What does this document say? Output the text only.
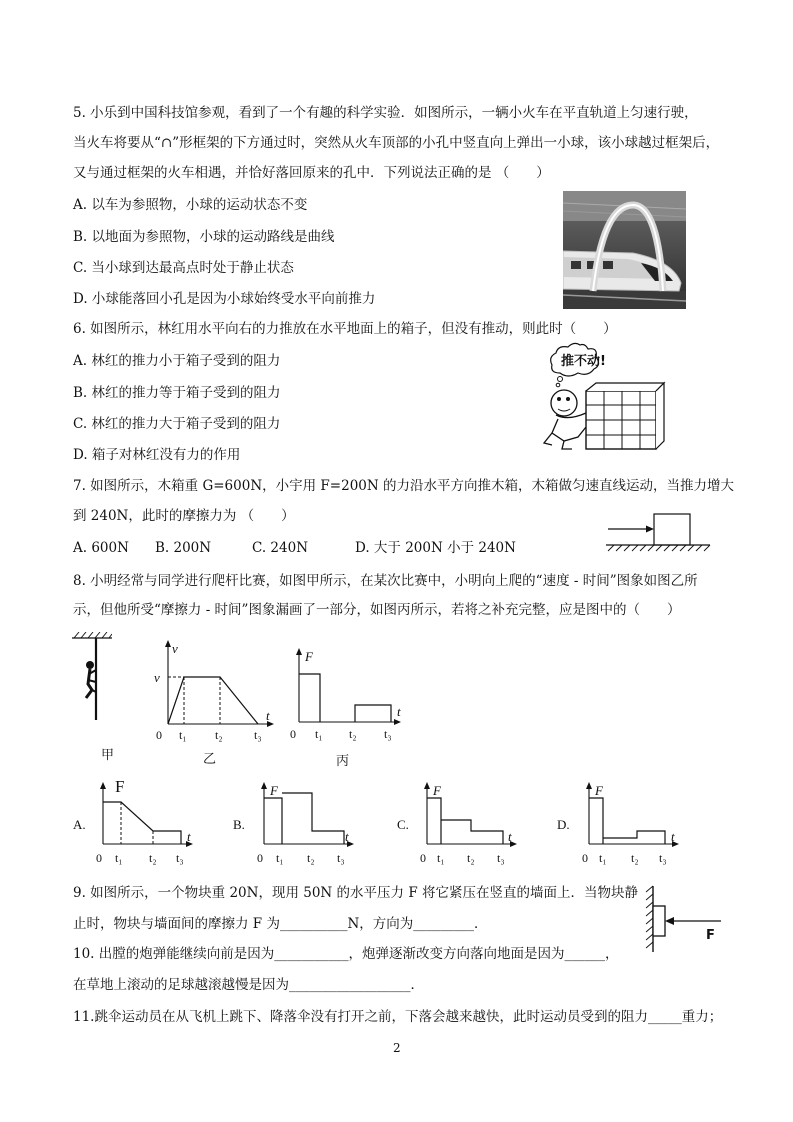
5. 小乐到中国科技馆参观，看到了一个有趣的科学实验．如图所示，一辆小火车在平直轨道上匀速行驶，
当火车将要从“∩”形框架的下方通过时，突然从火车顶部的小孔中竖直向上弹出一小球，该小球越过框架后，
又与通过框架的火车相遇，并恰好落回原来的孔中．下列说法正确的是 （　　）
A. 以车为参照物，小球的运动状态不变
B. 以地面为参照物，小球的运动路线是曲线
C. 当小球到达最高点时处于静止状态
D. 小球能落回小孔是因为小球始终受水平向前推力
6. 如图所示，林红用水平向右的力推放在水平地面上的箱子，但没有推动，则此时（　　）
A. 林红的推力小于箱子受到的阻力
B. 林红的推力等于箱子受到的阻力
C. 林红的推力大于箱子受到的阻力
D. 箱子对林红没有力的作用
推不动!
7. 如图所示，木箱重 G=600N，小宇用 F=200N 的力沿水平方向推木箱，木箱做匀速直线运动，当推力增大
到 240N，此时的摩擦力为 （　　）
A. 600N B. 200N	C. 240N	D. 大于 200N 小于 240N
8. 小明经常与同学进行爬杆比赛，如图甲所示，在某次比赛中，小明向上爬的“速度 - 时间”图象如图乙所
示，但他所受“摩擦力 - 时间”图象漏画了一部分，如图丙所示，若将之补充完整，应是图中的（　　）
甲
v
v
t
0 t₁ t₂	t₃
乙
F
t
0 t₁ t₂ t₃
丙
A.
F
t
0 t₁ t₂ t₃
B.
F
t
0 t₁ t₂ t₃
C.
F
t
0 t₁ t₂ t₃
D.
F
t
0 t₁ t₂ t₃
9. 如图所示，一个物块重 20N，现用 50N 的水平压力 F 将它紧压在竖直的墙面上．当物块静
止时，物块与墙面间的摩擦力 F 为__________N，方向为_________．
F
10. 出膛的炮弹能继续向前是因为___________，炮弹逐渐改变方向落向地面是因为______，
在草地上滚动的足球越滚越慢是因为__________________．
11.跳伞运动员在从飞机上跳下、降落伞没有打开之前，下落会越来越快，此时运动员受到的阻力_____重力；
2
